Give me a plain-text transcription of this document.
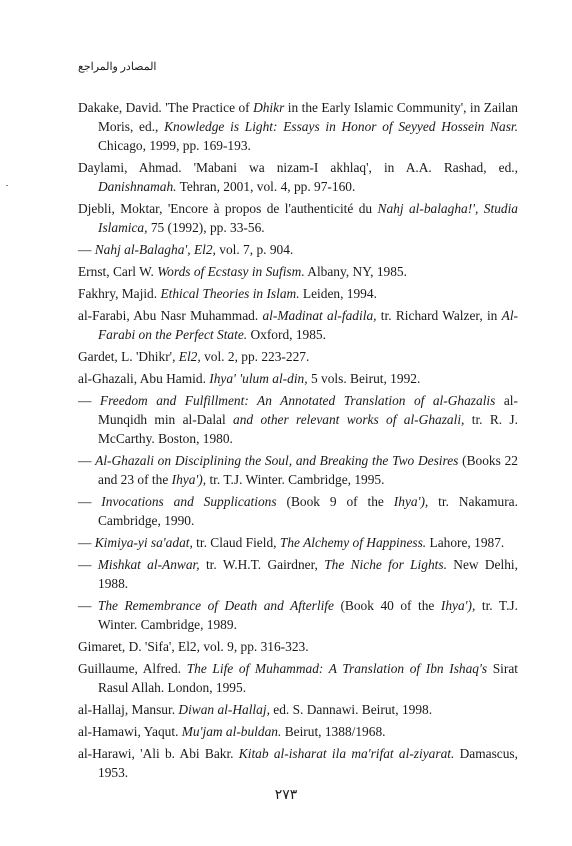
المصادر والمراجع

Dakake, David. 'The Practice of Dhikr in the Early Islamic Community', in Zailan Moris, ed., Knowledge is Light: Essays in Honor of Seyyed Hossein Nasr. Chicago, 1999, pp. 169-193.

Daylami, Ahmad. 'Mabani wa nizam-I akhlaq', in A.A. Rashad, ed., Danishnamah. Tehran, 2001, vol. 4, pp. 97-160.

Djebli, Moktar, 'Encore à propos de l'authenticité du Nahj al-balagha!', Studia Islamica, 75 (1992), pp. 33-56.

— Nahj al-Balagha', El2, vol. 7, p. 904.

Ernst, Carl W. Words of Ecstasy in Sufism. Albany, NY, 1985.

Fakhry, Majid. Ethical Theories in Islam. Leiden, 1994.

al-Farabi, Abu Nasr Muhammad. al-Madinat al-fadila, tr. Richard Walzer, in Al-Farabi on the Perfect State. Oxford, 1985.

Gardet, L. 'Dhikr', El2, vol. 2, pp. 223-227.

al-Ghazali, Abu Hamid. Ihya' 'ulum al-din, 5 vols. Beirut, 1992.

— Freedom and Fulfillment: An Annotated Translation of al-Ghazalis al-Munqidh min al-Dalal and other relevant works of al-Ghazali, tr. R. J. McCarthy. Boston, 1980.

— Al-Ghazali on Disciplining the Soul, and Breaking the Two Desires (Books 22 and 23 of the Ihya'), tr. T.J. Winter. Cambridge, 1995.

— Invocations and Supplications (Book 9 of the Ihya'), tr. Nakamura. Cambridge, 1990.

— Kimiya-yi sa'adat, tr. Claud Field, The Alchemy of Happiness. Lahore, 1987.

— Mishkat al-Anwar, tr. W.H.T. Gairdner, The Niche for Lights. New Delhi, 1988.

— The Remembrance of Death and Afterlife (Book 40 of the Ihya'), tr. T.J. Winter. Cambridge, 1989.

Gimaret, D. 'Sifa', El2, vol. 9, pp. 316-323.

Guillaume, Alfred. The Life of Muhammad: A Translation of Ibn Ishaq's Sirat Rasul Allah. London, 1995.

al-Hallaj, Mansur. Diwan al-Hallaj, ed. S. Dannawi. Beirut, 1998.

al-Hamawi, Yaqut. Mu'jam al-buldan. Beirut, 1388/1968.

al-Harawi, 'Ali b. Abi Bakr. Kitab al-isharat ila ma'rifat al-ziyarat. Damascus, 1953.

٢٧٣
